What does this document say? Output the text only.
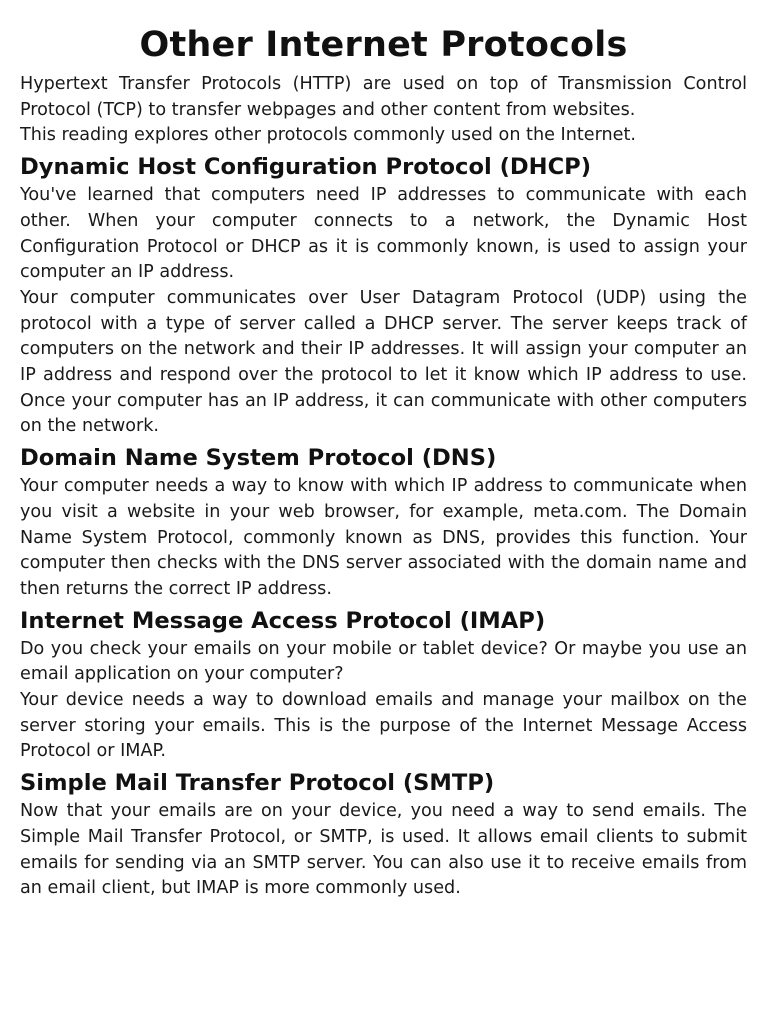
Other Internet Protocols

Hypertext Transfer Protocols (HTTP) are used on top of Transmission Control Protocol (TCP) to transfer webpages and other content from websites.

This reading explores other protocols commonly used on the Internet.

Dynamic Host Configuration Protocol (DHCP)

You've learned that computers need IP addresses to communicate with each other. When your computer connects to a network, the Dynamic Host Configuration Protocol or DHCP as it is commonly known, is used to assign your computer an IP address.

Your computer communicates over User Datagram Protocol (UDP) using the protocol with a type of server called a DHCP server. The server keeps track of computers on the network and their IP addresses. It will assign your computer an IP address and respond over the protocol to let it know which IP address to use. Once your computer has an IP address, it can communicate with other computers on the network.

Domain Name System Protocol (DNS)

Your computer needs a way to know with which IP address to communicate when you visit a website in your web browser, for example, meta.com. The Domain Name System Protocol, commonly known as DNS, provides this function. Your computer then checks with the DNS server associated with the domain name and then returns the correct IP address.

Internet Message Access Protocol (IMAP)

Do you check your emails on your mobile or tablet device? Or maybe you use an email application on your computer?

Your device needs a way to download emails and manage your mailbox on the server storing your emails. This is the purpose of the Internet Message Access Protocol or IMAP.

Simple Mail Transfer Protocol (SMTP)

Now that your emails are on your device, you need a way to send emails. The Simple Mail Transfer Protocol, or SMTP, is used. It allows email clients to submit emails for sending via an SMTP server. You can also use it to receive emails from an email client, but IMAP is more commonly used.
